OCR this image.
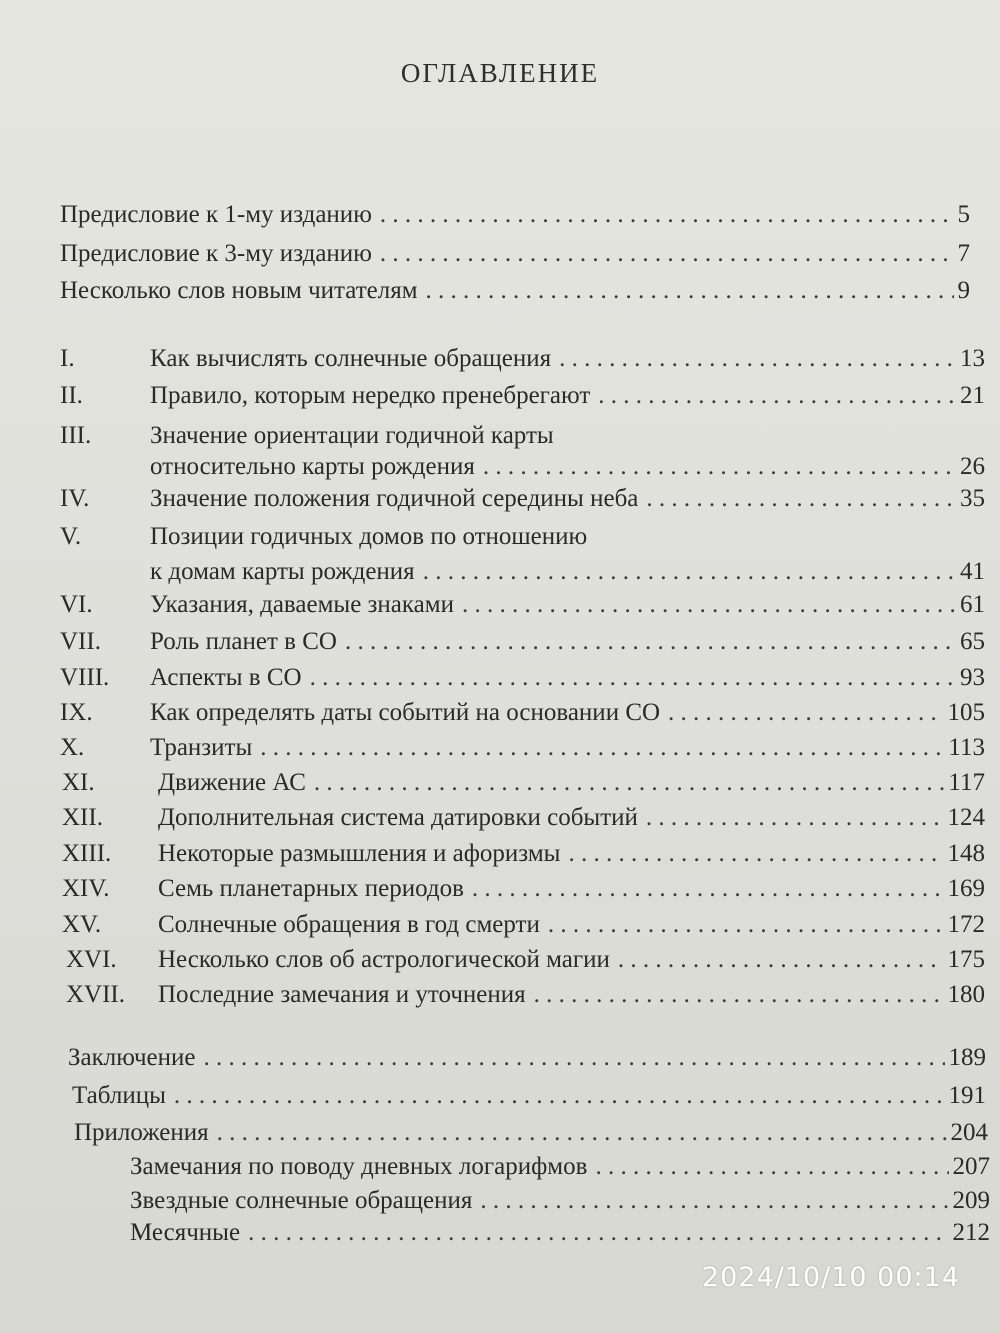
ОГЛАВЛЕНИЕ
Предисловие к 1-му изданию . . .	5
Предисловие к 3-му изданию . . .	7
Несколько слов новым читателям . . .	9
I.	Как вычислять солнечные обращения . . .	13
II.	Правило, которым нередко пренебрегают . . .	21
III.	Значение ориентации годичной карты
относительно карты рождения . . .	26
IV.	Значение положения годичной середины неба . . .	35
V.	Позиции годичных домов по отношению
к домам карты рождения . . .	41
VI.	Указания, даваемые знаками . . .	61
VII.	Роль планет в СО . . .	65
VIII.	Аспекты в СО . . .	93
IX.	Как определять даты событий на основании СО . . .	105
X.	Транзиты . . .	113
XI.	Движение АС . . .	117
XII.	Дополнительная система датировки событий . . .	124
XIII.	Некоторые размышления и афоризмы . . .	148
XIV.	Семь планетарных периодов . . .	169
XV.	Солнечные обращения в год смерти . . .	172
XVI.	Несколько слов об астрологической магии . . .	175
XVII.	Последние замечания и уточнения . . .	180
Заключение . . .	189
Таблицы . . .	191
Приложения . . .	204
Замечания по поводу дневных логарифмов . . .	207
Звездные солнечные обращения . . .	209
Месячные . . .	212
2024/10/10 00:14
